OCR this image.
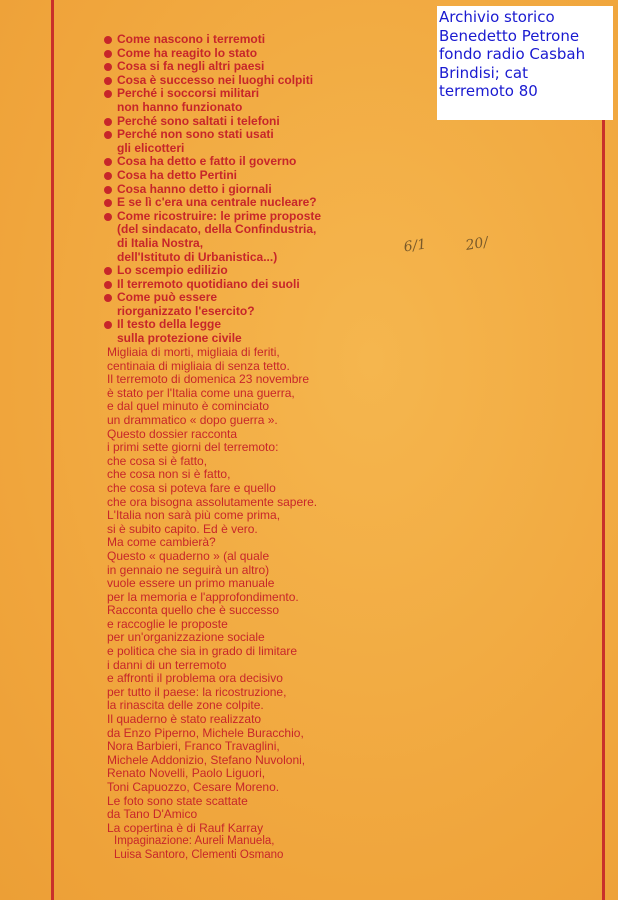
Archivio storico
Benedetto Petrone
fondo radio Casbah
Brindisi; cat
terremoto 80
Come nascono i terremoti
Come ha reagito lo stato
Cosa si fa negli altri paesi
Cosa è successo nei luoghi colpiti
Perché i soccorsi militari
non hanno funzionato
Perché sono saltati i telefoni
Perché non sono stati usati
gli elicotteri
Cosa ha detto e fatto il governo
Cosa ha detto Pertini
Cosa hanno detto i giornali
E se lì c'era una centrale nucleare?
Come ricostruire: le prime proposte
(del sindacato, della Confindustria,
di Italia Nostra,
dell'Istituto di Urbanistica...)
Lo scempio edilizio
Il terremoto quotidiano dei suoli
Come può essere
riorganizzato l'esercito?
Il testo della legge
sulla protezione civile
6/1	20/
Migliaia di morti, migliaia di feriti,
centinaia di migliaia di senza tetto.
Il terremoto di domenica 23 novembre
è stato per l'Italia come una guerra,
e dal quel minuto è cominciato
un drammatico « dopo guerra ».
Questo dossier racconta
i primi sette giorni del terremoto:
che cosa si è fatto,
che cosa non si è fatto,
che cosa si poteva fare e quello
che ora bisogna assolutamente sapere.
L'Italia non sarà più come prima,
si è subito capito. Ed è vero.
Ma come cambierà?
Questo « quaderno » (al quale
in gennaio ne seguirà un altro)
vuole essere un primo manuale
per la memoria e l'approfondimento.
Racconta quello che è successo
e raccoglie le proposte
per un'organizzazione sociale
e politica che sia in grado di limitare
i danni di un terremoto
e affronti il problema ora decisivo
per tutto il paese: la ricostruzione,
la rinascita delle zone colpite.
Il quaderno è stato realizzato
da Enzo Piperno, Michele Buracchio,
Nora Barbieri, Franco Travaglini,
Michele Addonizio, Stefano Nuvoloni,
Renato Novelli, Paolo Liguori,
Toni Capuozzo, Cesare Moreno.
Le foto sono state scattate
da Tano D'Amico
La copertina è di Rauf Karray
Impaginazione: Aureli Manuela,
Luisa Santoro, Clementi Osmano
